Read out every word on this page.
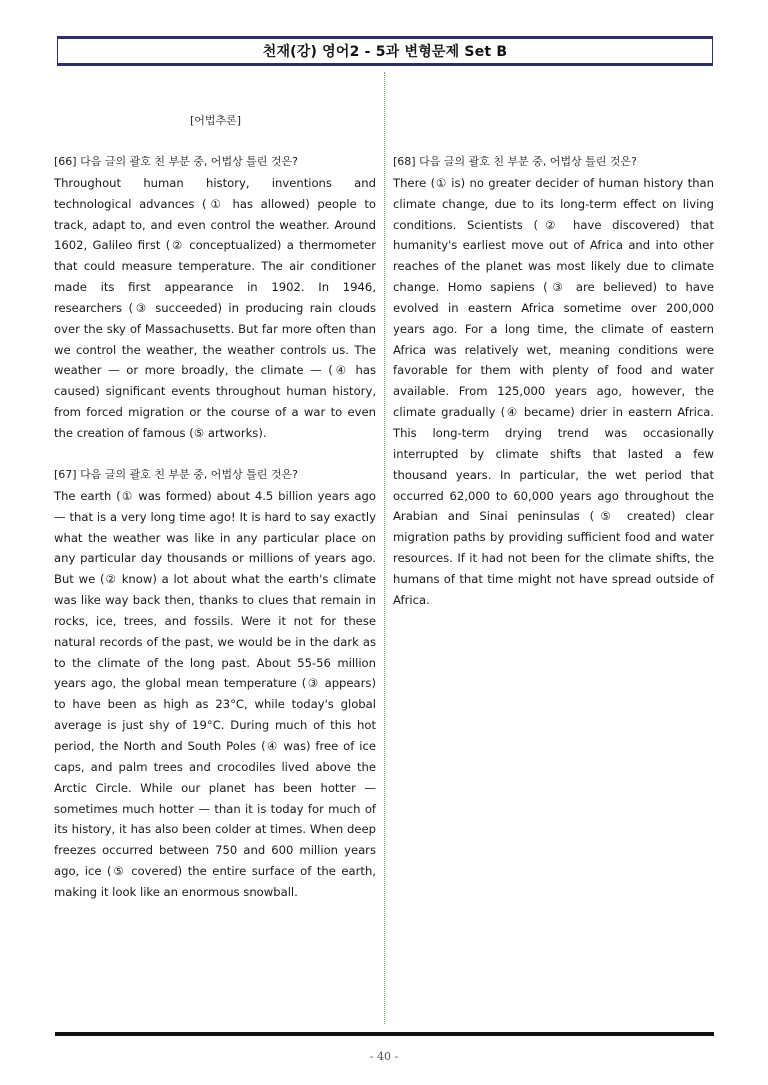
천재(강) 영어2 - 5과 변형문제 Set B
[어법추론]
[66] 다음 글의 괄호 친 부분 중, 어법상 틀린 것은?
Throughout human history, inventions and technological advances (① has allowed) people to track, adapt to, and even control the weather. Around 1602, Galileo first (② conceptualized) a thermometer that could measure temperature. The air conditioner made its first appearance in 1902. In 1946, researchers (③ succeeded) in producing rain clouds over the sky of Massachusetts. But far more often than we control the weather, the weather controls us. The weather — or more broadly, the climate — (④ has caused) significant events throughout human history, from forced migration or the course of a war to even the creation of famous (⑤ artworks).
[67] 다음 글의 괄호 친 부분 중, 어법상 틀린 것은?
The earth (① was formed) about 4.5 billion years ago — that is a very long time ago! It is hard to say exactly what the weather was like in any particular place on any particular day thousands or millions of years ago. But we (② know) a lot about what the earth's climate was like way back then, thanks to clues that remain in rocks, ice, trees, and fossils. Were it not for these natural records of the past, we would be in the dark as to the climate of the long past. About 55-56 million years ago, the global mean temperature (③ appears) to have been as high as 23°C, while today's global average is just shy of 19°C. During much of this hot period, the North and South Poles (④ was) free of ice caps, and palm trees and crocodiles lived above the Arctic Circle. While our planet has been hotter — sometimes much hotter — than it is today for much of its history, it has also been colder at times. When deep freezes occurred between 750 and 600 million years ago, ice (⑤ covered) the entire surface of the earth, making it look like an enormous snowball.
[68] 다음 글의 괄호 친 부분 중, 어법상 틀린 것은?
There (① is) no greater decider of human history than climate change, due to its long-term effect on living conditions. Scientists (② have discovered) that humanity's earliest move out of Africa and into other reaches of the planet was most likely due to climate change. Homo sapiens (③ are believed) to have evolved in eastern Africa sometime over 200,000 years ago. For a long time, the climate of eastern Africa was relatively wet, meaning conditions were favorable for them with plenty of food and water available. From 125,000 years ago, however, the climate gradually (④ became) drier in eastern Africa. This long-term drying trend was occasionally interrupted by climate shifts that lasted a few thousand years. In particular, the wet period that occurred 62,000 to 60,000 years ago throughout the Arabian and Sinai peninsulas (⑤ created) clear migration paths by providing sufficient food and water resources. If it had not been for the climate shifts, the humans of that time might not have spread outside of Africa.
- 40 -
